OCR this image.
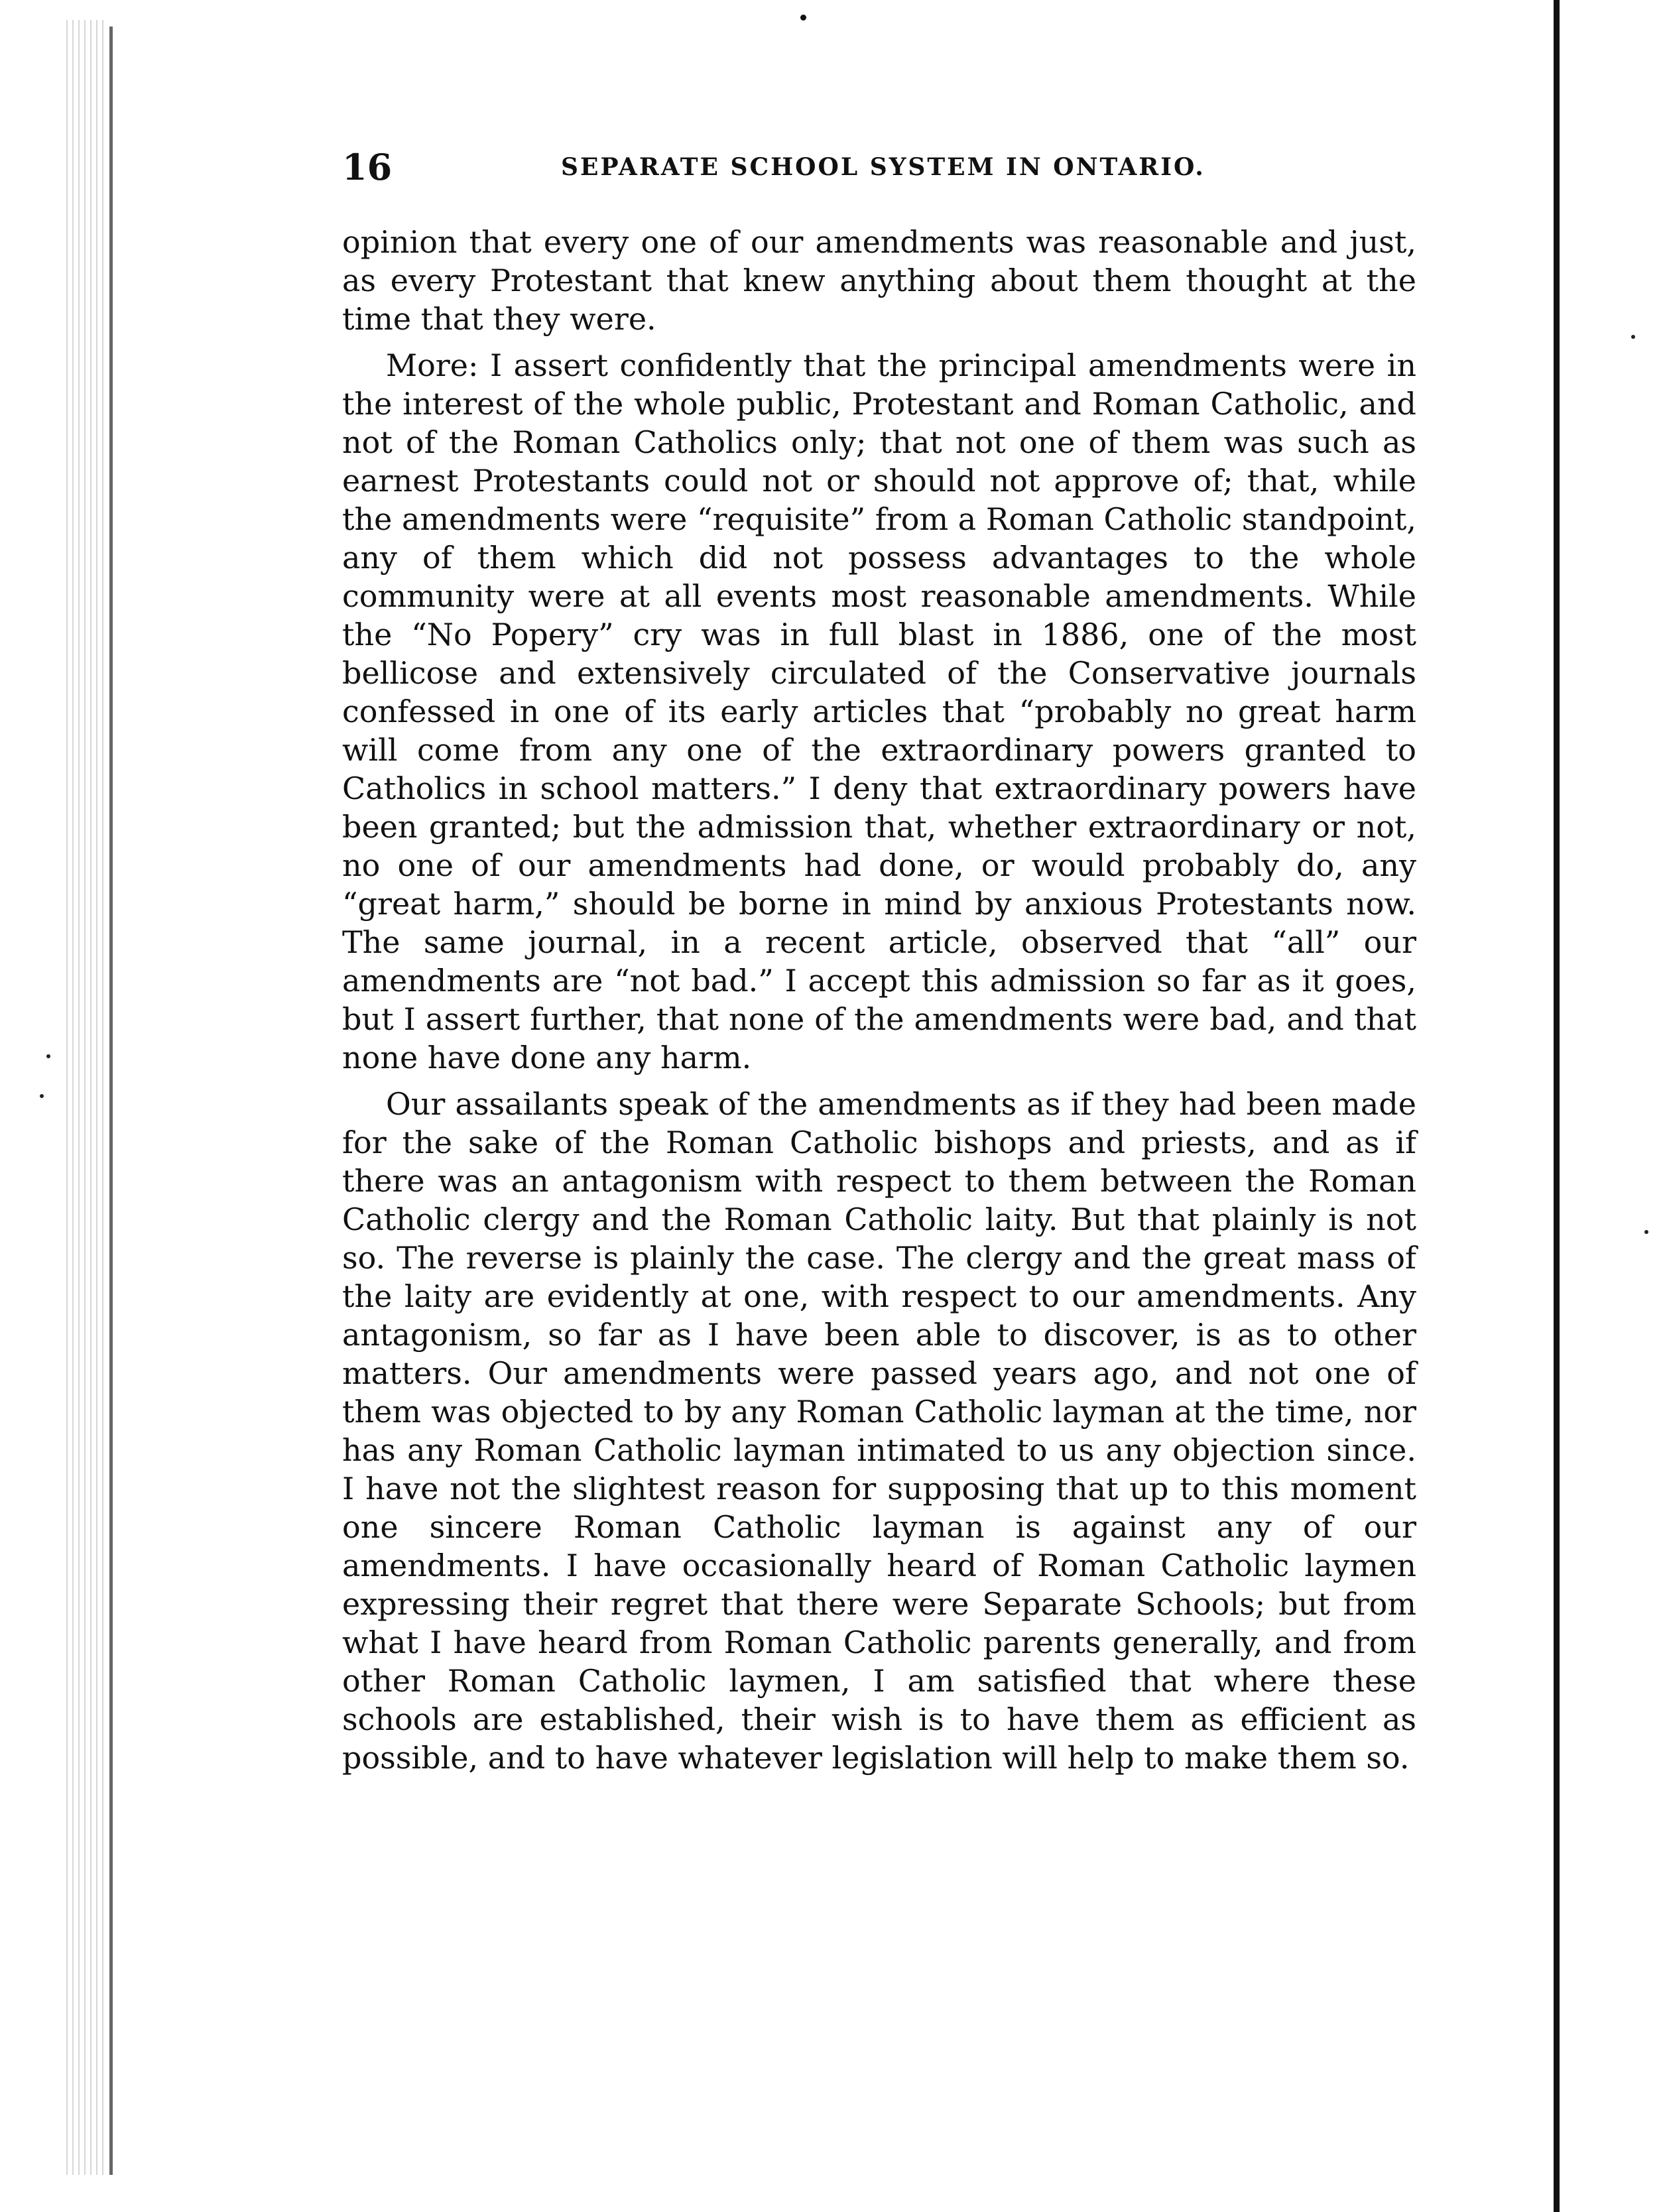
16	SEPARATE SCHOOL SYSTEM IN ONTARIO.

opinion that every one of our amendments was reasonable and just, as every Protestant that knew anything about them thought at the time that they were.

More: I assert confidently that the principal amendments were in the interest of the whole public, Protestant and Roman Catholic, and not of the Roman Catholics only; that not one of them was such as earnest Protestants could not or should not approve of; that, while the amendments were “requisite” from a Roman Catholic standpoint, any of them which did not possess advantages to the whole community were at all events most reasonable amendments. While the “No Popery” cry was in full blast in 1886, one of the most bellicose and extensively circulated of the Conservative journals confessed in one of its early articles that “probably no great harm will come from any one of the extraordinary powers granted to Catholics in school matters.” I deny that extraordinary powers have been granted; but the admission that, whether extraordinary or not, no one of our amendments had done, or would probably do, any “great harm,” should be borne in mind by anxious Protestants now. The same journal, in a recent article, observed that “all” our amendments are “not bad.” I accept this admission so far as it goes, but I assert further, that none of the amendments were bad, and that none have done any harm.

Our assailants speak of the amendments as if they had been made for the sake of the Roman Catholic bishops and priests, and as if there was an antagonism with respect to them between the Roman Catholic clergy and the Roman Catholic laity. But that plainly is not so. The reverse is plainly the case. The clergy and the great mass of the laity are evidently at one, with respect to our amendments. Any antagonism, so far as I have been able to discover, is as to other matters. Our amendments were passed years ago, and not one of them was objected to by any Roman Catholic layman at the time, nor has any Roman Catholic layman intimated to us any objection since. I have not the slightest reason for supposing that up to this moment one sincere Roman Catholic layman is against any of our amendments. I have occasionally heard of Roman Catholic laymen expressing their regret that there were Separate Schools; but from what I have heard from Roman Catholic parents generally, and from other Roman Catholic laymen, I am satisfied that where these schools are established, their wish is to have them as efficient as possible, and to have whatever legislation will help to make them so.
